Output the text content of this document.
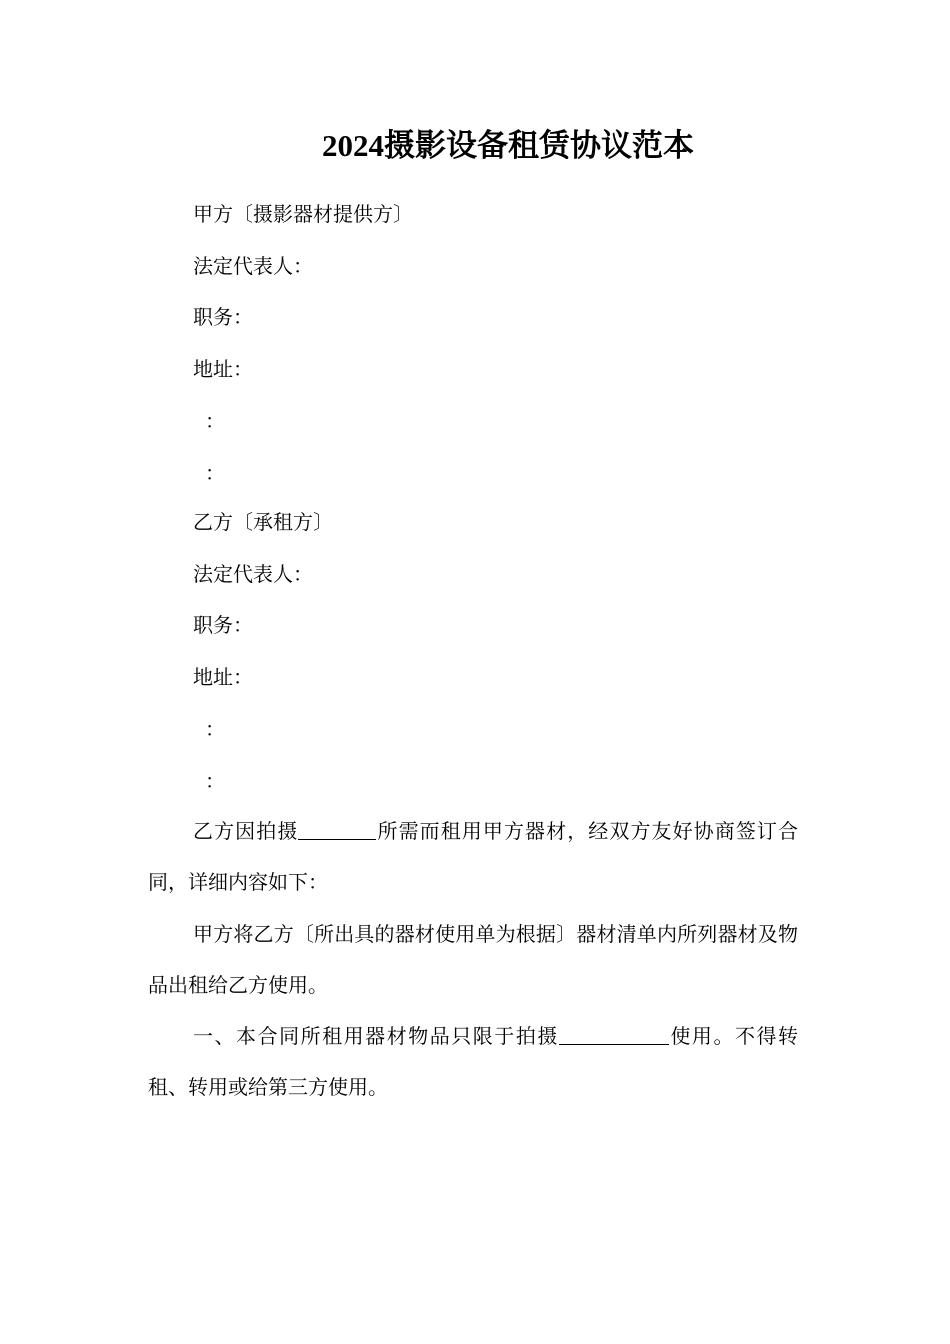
2024摄影设备租赁协议范本
甲方〔摄影器材提供方〕
法定代表人：
职务：
地址：
：
：
乙方〔承租方〕
法定代表人：
职务：
地址：
：
：
乙方因拍摄	所需而租用甲方器材，经双方友好协商签订合同，详细内容如下：
甲方将乙方〔所出具的器材使用单为根据〕器材清单内所列器材及物品出租给乙方使用。
一、本合同所租用器材物品只限于拍摄	使用。不得转租、转用或给第三方使用。
